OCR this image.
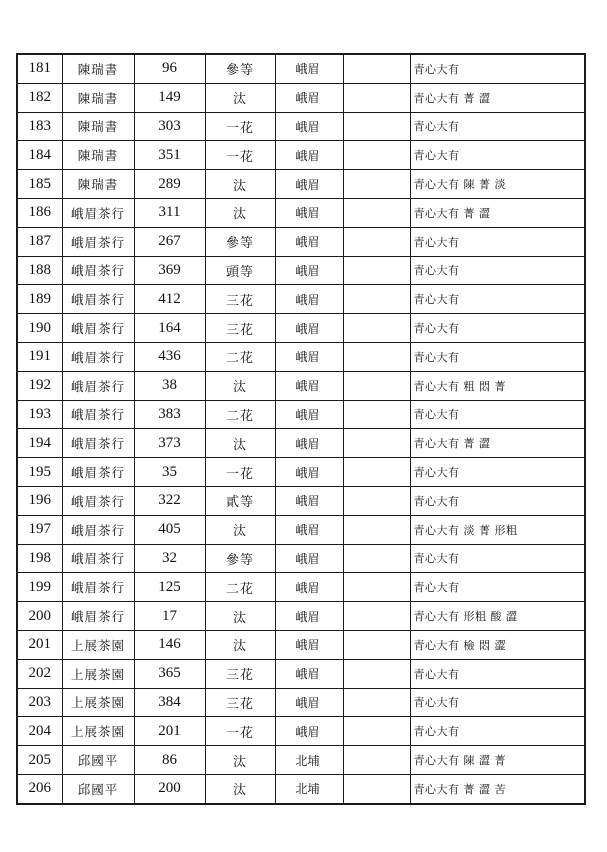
181	陳瑞書	96	參等	峨眉		青心大有
182	陳瑞書	149	汰	峨眉		青心大有 菁 澀
183	陳瑞書	303	一花	峨眉		青心大有
184	陳瑞書	351	一花	峨眉		青心大有
185	陳瑞書	289	汰	峨眉		青心大有 陳 菁 淡
186	峨眉茶行	311	汰	峨眉		青心大有 菁 澀
187	峨眉茶行	267	參等	峨眉		青心大有
188	峨眉茶行	369	頭等	峨眉		青心大有
189	峨眉茶行	412	三花	峨眉		青心大有
190	峨眉茶行	164	三花	峨眉		青心大有
191	峨眉茶行	436	二花	峨眉		青心大有
192	峨眉茶行	38	汰	峨眉		青心大有 粗 悶 菁
193	峨眉茶行	383	二花	峨眉		青心大有
194	峨眉茶行	373	汰	峨眉		青心大有 菁 澀
195	峨眉茶行	35	一花	峨眉		青心大有
196	峨眉茶行	322	貳等	峨眉		青心大有
197	峨眉茶行	405	汰	峨眉		青心大有 淡 菁 形粗
198	峨眉茶行	32	參等	峨眉		青心大有
199	峨眉茶行	125	二花	峨眉		青心大有
200	峨眉茶行	17	汰	峨眉		青心大有 形粗 酸 澀
201	上展茶園	146	汰	峨眉		青心大有 檢 悶 澀
202	上展茶園	365	三花	峨眉		青心大有
203	上展茶園	384	三花	峨眉		青心大有
204	上展茶園	201	一花	峨眉		青心大有
205	邱國平	86	汰	北埔		青心大有 陳 澀 菁
206	邱國平	200	汰	北埔		青心大有 菁 澀 苦
